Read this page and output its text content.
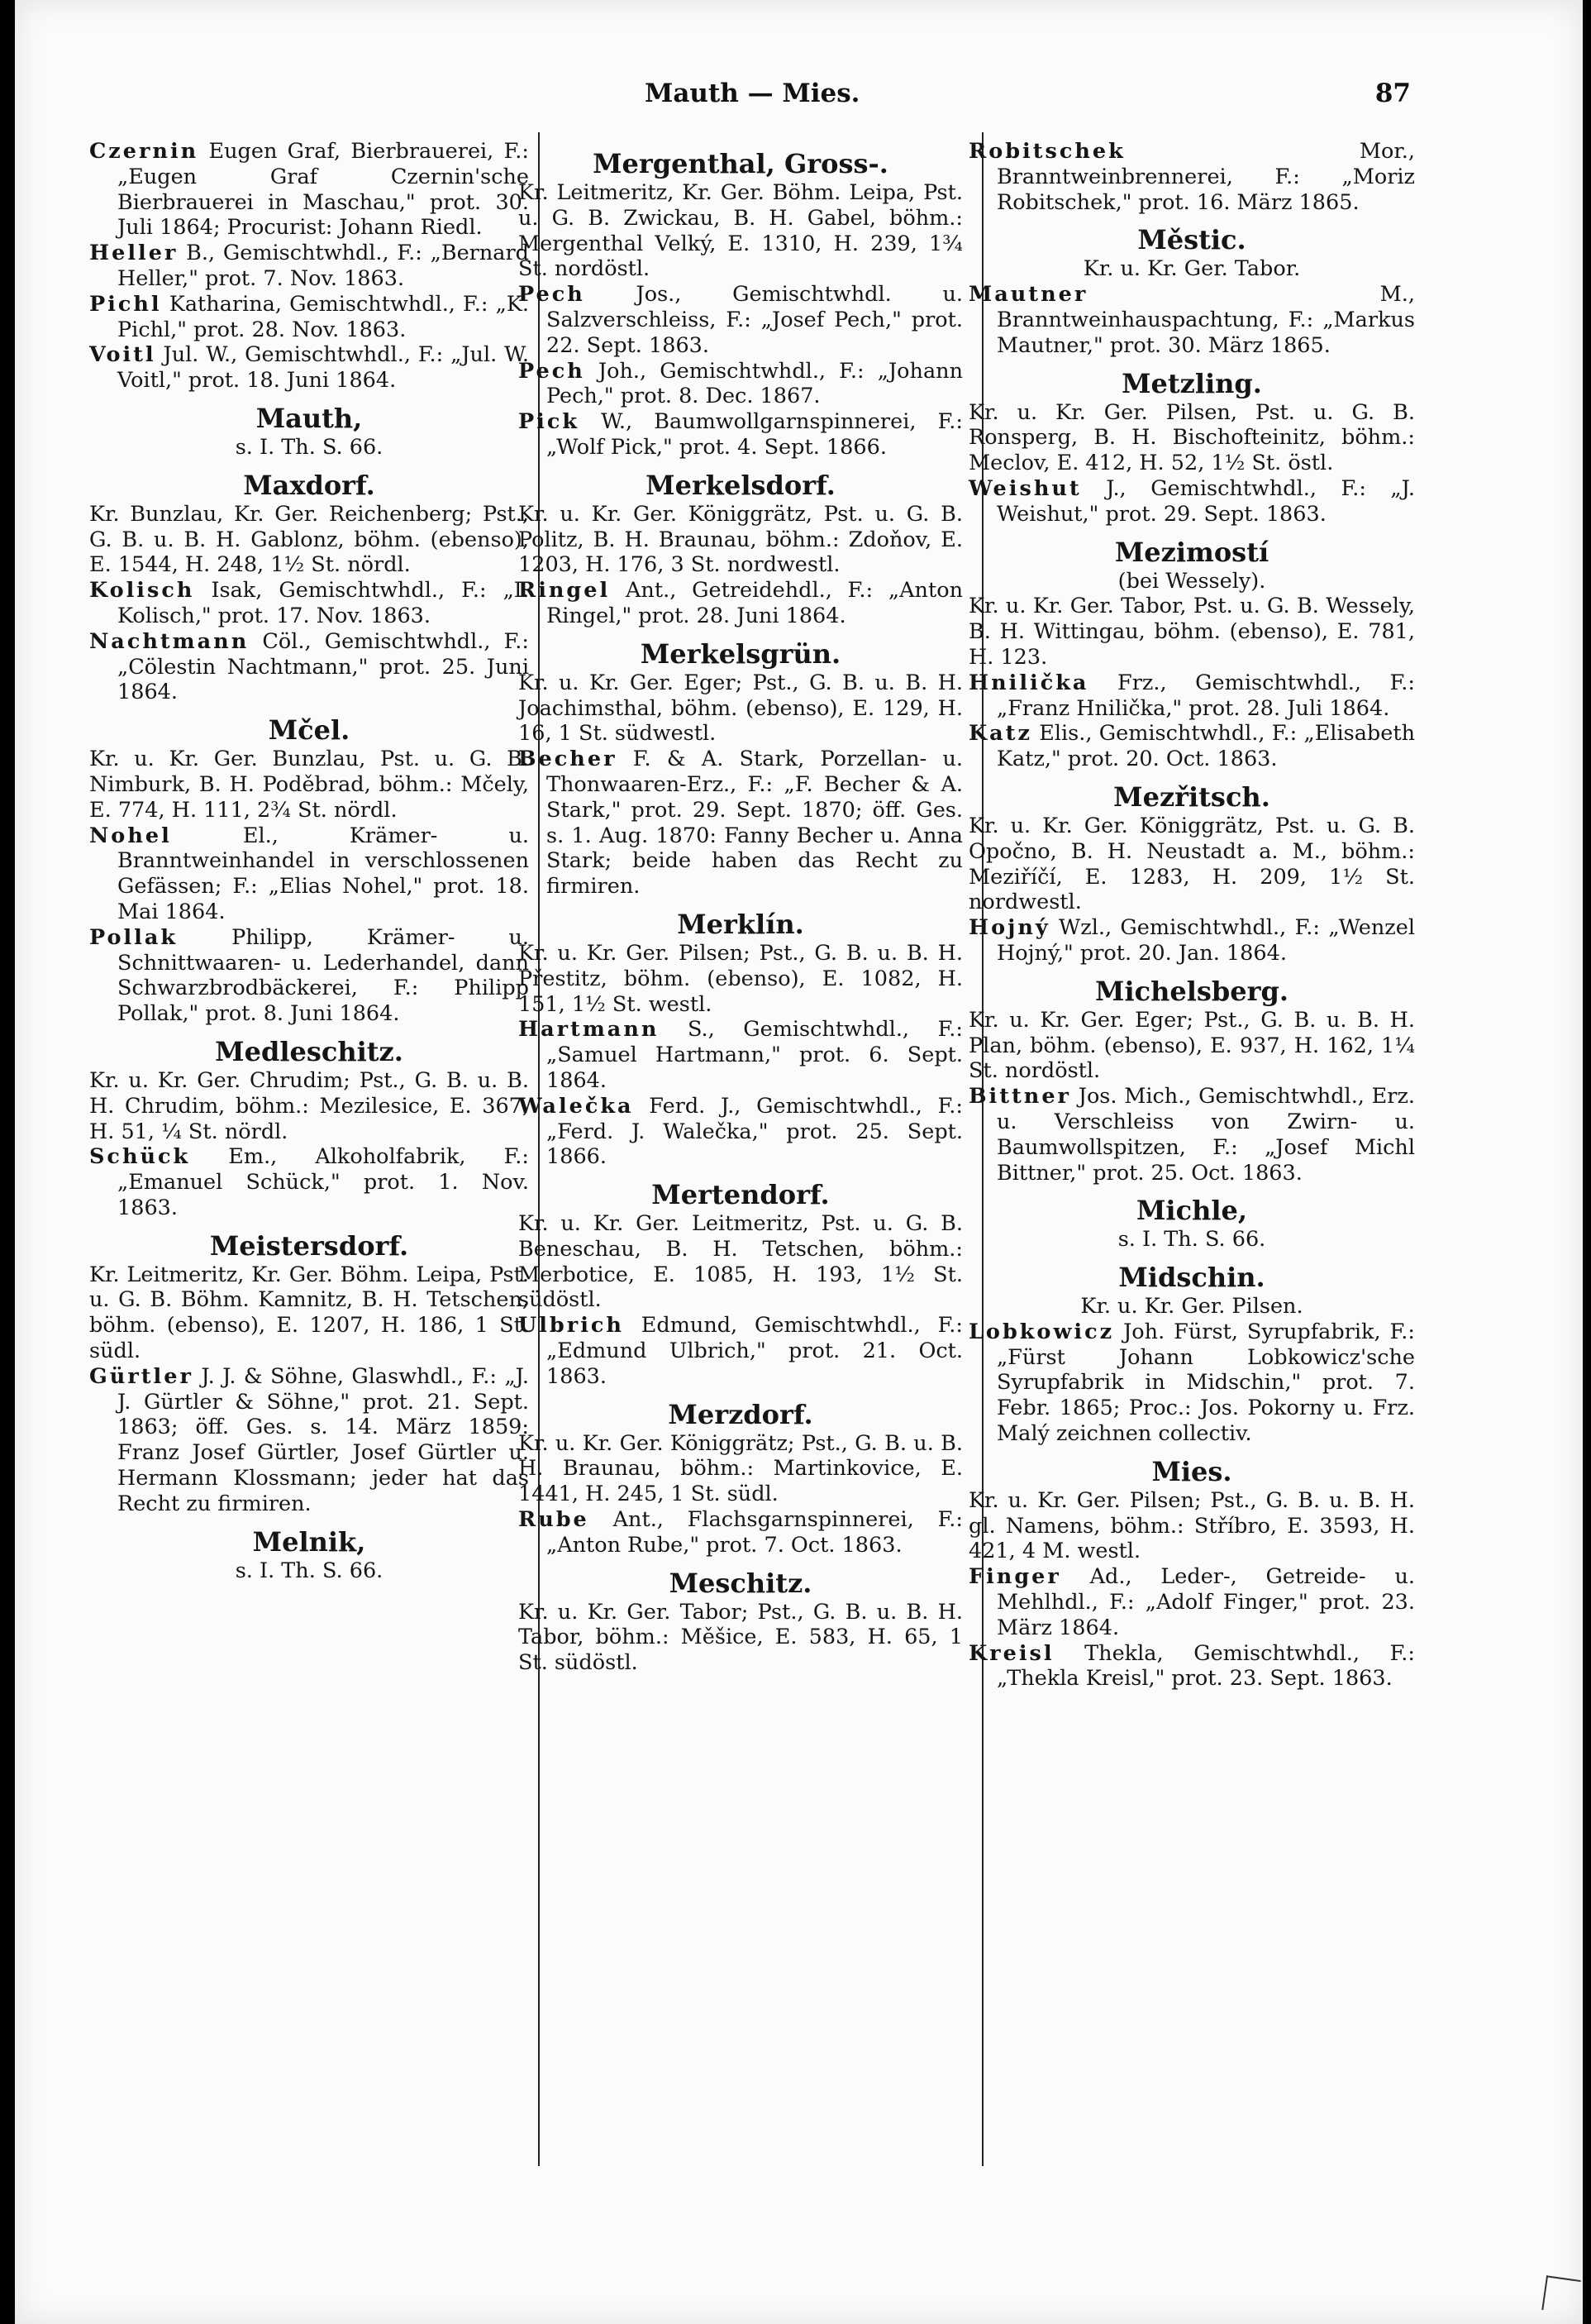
Mauth — Mies.	87

Czernin Eugen Graf, Bierbrauerei, F.: „Eugen Graf Czernin'sche Bierbrauerei in Maschau," prot. 30. Juli 1864; Procurist: Johann Riedl.

Heller B., Gemischtwhdl., F.: „Bernard Heller," prot. 7. Nov. 1863.

Pichl Katharina, Gemischtwhdl., F.: „K. Pichl," prot. 28. Nov. 1863.

Voitl Jul. W., Gemischtwhdl., F.: „Jul. W. Voitl," prot. 18. Juni 1864.

Mauth,
s. I. Th. S. 66.
Maxdorf.

Kr. Bunzlau, Kr. Ger. Reichenberg; Pst., G. B. u. B. H. Gablonz, böhm. (ebenso), E. 1544, H. 248, 1½ St. nördl.

Kolisch Isak, Gemischtwhdl., F.: „I. Kolisch," prot. 17. Nov. 1863.

Nachtmann Cöl., Gemischtwhdl., F.: „Cölestin Nachtmann," prot. 25. Juni 1864.

Mčel.

Kr. u. Kr. Ger. Bunzlau, Pst. u. G. B. Nimburk, B. H. Poděbrad, böhm.: Mčely, E. 774, H. 111, 2¾ St. nördl.

Nohel El., Krämer- u. Branntweinhandel in verschlossenen Gefässen; F.: „Elias Nohel," prot. 18. Mai 1864.

Pollak Philipp, Krämer- u. Schnittwaaren- u. Lederhandel, dann Schwarzbrodbäckerei, F.: Philipp Pollak," prot. 8. Juni 1864.

Medleschitz.

Kr. u. Kr. Ger. Chrudim; Pst., G. B. u. B. H. Chrudim, böhm.: Mezilesice, E. 367, H. 51, ¼ St. nördl.

Schück Em., Alkoholfabrik, F.: „Emanuel Schück," prot. 1. Nov. 1863.

Meistersdorf.

Kr. Leitmeritz, Kr. Ger. Böhm. Leipa, Pst. u. G. B. Böhm. Kamnitz, B. H. Tetschen, böhm. (ebenso), E. 1207, H. 186, 1 St. südl.

Gürtler J. J. & Söhne, Glaswhdl., F.: „J. J. Gürtler & Söhne," prot. 21. Sept. 1863; öff. Ges. s. 14. März 1859: Franz Josef Gürtler, Josef Gürtler u. Hermann Klossmann; jeder hat das Recht zu firmiren.

Melnik,
s. I. Th. S. 66.
Mergenthal, Gross-.

Kr. Leitmeritz, Kr. Ger. Böhm. Leipa, Pst. u. G. B. Zwickau, B. H. Gabel, böhm.: Mergenthal Velký, E. 1310, H. 239, 1¾ St. nordöstl.

Pech Jos., Gemischtwhdl. u. Salzverschleiss, F.: „Josef Pech," prot. 22. Sept. 1863.

Pech Joh., Gemischtwhdl., F.: „Johann Pech," prot. 8. Dec. 1867.

Pick W., Baumwollgarnspinnerei, F.: „Wolf Pick," prot. 4. Sept. 1866.

Merkelsdorf.

Kr. u. Kr. Ger. Königgrätz, Pst. u. G. B. Politz, B. H. Braunau, böhm.: Zdoňov, E. 1203, H. 176, 3 St. nordwestl.

Ringel Ant., Getreidehdl., F.: „Anton Ringel," prot. 28. Juni 1864.

Merkelsgrün.

Kr. u. Kr. Ger. Eger; Pst., G. B. u. B. H. Joachimsthal, böhm. (ebenso), E. 129, H. 16, 1 St. südwestl.

Becher F. & A. Stark, Porzellan- u. Thonwaaren-Erz., F.: „F. Becher & A. Stark," prot. 29. Sept. 1870; öff. Ges. s. 1. Aug. 1870: Fanny Becher u. Anna Stark; beide haben das Recht zu firmiren.

Merklín.

Kr. u. Kr. Ger. Pilsen; Pst., G. B. u. B. H. Přestitz, böhm. (ebenso), E. 1082, H. 151, 1½ St. westl.

Hartmann S., Gemischtwhdl., F.: „Samuel Hartmann," prot. 6. Sept. 1864.

Walečka Ferd. J., Gemischtwhdl., F.: „Ferd. J. Walečka," prot. 25. Sept. 1866.

Mertendorf.

Kr. u. Kr. Ger. Leitmeritz, Pst. u. G. B. Beneschau, B. H. Tetschen, böhm.: Merbotice, E. 1085, H. 193, 1½ St. südöstl.

Ulbrich Edmund, Gemischtwhdl., F.: „Edmund Ulbrich," prot. 21. Oct. 1863.

Merzdorf.

Kr. u. Kr. Ger. Königgrätz; Pst., G. B. u. B. H. Braunau, böhm.: Martinkovice, E. 1441, H. 245, 1 St. südl.

Rube Ant., Flachsgarnspinnerei, F.: „Anton Rube," prot. 7. Oct. 1863.

Meschitz.

Kr. u. Kr. Ger. Tabor; Pst., G. B. u. B. H. Tabor, böhm.: Měšice, E. 583, H. 65, 1 St. südöstl.

Robitschek Mor., Branntweinbrennerei, F.: „Moriz Robitschek," prot. 16. März 1865.

Městic.
Kr. u. Kr. Ger. Tabor.

Mautner M., Branntweinhauspachtung, F.: „Markus Mautner," prot. 30. März 1865.

Metzling.

Kr. u. Kr. Ger. Pilsen, Pst. u. G. B. Ronsperg, B. H. Bischofteinitz, böhm.: Meclov, E. 412, H. 52, 1½ St. östl.

Weishut J., Gemischtwhdl., F.: „J. Weishut," prot. 29. Sept. 1863.

Mezimostí
(bei Wessely).

Kr. u. Kr. Ger. Tabor, Pst. u. G. B. Wessely, B. H. Wittingau, böhm. (ebenso), E. 781, H. 123.

Hnilička Frz., Gemischtwhdl., F.: „Franz Hnilička," prot. 28. Juli 1864.

Katz Elis., Gemischtwhdl., F.: „Elisabeth Katz," prot. 20. Oct. 1863.

Mezřitsch.

Kr. u. Kr. Ger. Königgrätz, Pst. u. G. B. Opočno, B. H. Neustadt a. M., böhm.: Meziříčí, E. 1283, H. 209, 1½ St. nordwestl.

Hojný Wzl., Gemischtwhdl., F.: „Wenzel Hojný," prot. 20. Jan. 1864.

Michelsberg.

Kr. u. Kr. Ger. Eger; Pst., G. B. u. B. H. Plan, böhm. (ebenso), E. 937, H. 162, 1¼ St. nordöstl.

Bittner Jos. Mich., Gemischtwhdl., Erz. u. Verschleiss von Zwirn- u. Baumwollspitzen, F.: „Josef Michl Bittner," prot. 25. Oct. 1863.

Michle,
s. I. Th. S. 66.
Midschin.
Kr. u. Kr. Ger. Pilsen.

Lobkowicz Joh. Fürst, Syrupfabrik, F.: „Fürst Johann Lobkowicz'sche Syrupfabrik in Midschin," prot. 7. Febr. 1865; Proc.: Jos. Pokorny u. Frz. Malý zeichnen collectiv.

Mies.

Kr. u. Kr. Ger. Pilsen; Pst., G. B. u. B. H. gl. Namens, böhm.: Stříbro, E. 3593, H. 421, 4 M. westl.

Finger Ad., Leder-, Getreide- u. Mehlhdl., F.: „Adolf Finger," prot. 23. März 1864.

Kreisl Thekla, Gemischtwhdl., F.: „Thekla Kreisl," prot. 23. Sept. 1863.
